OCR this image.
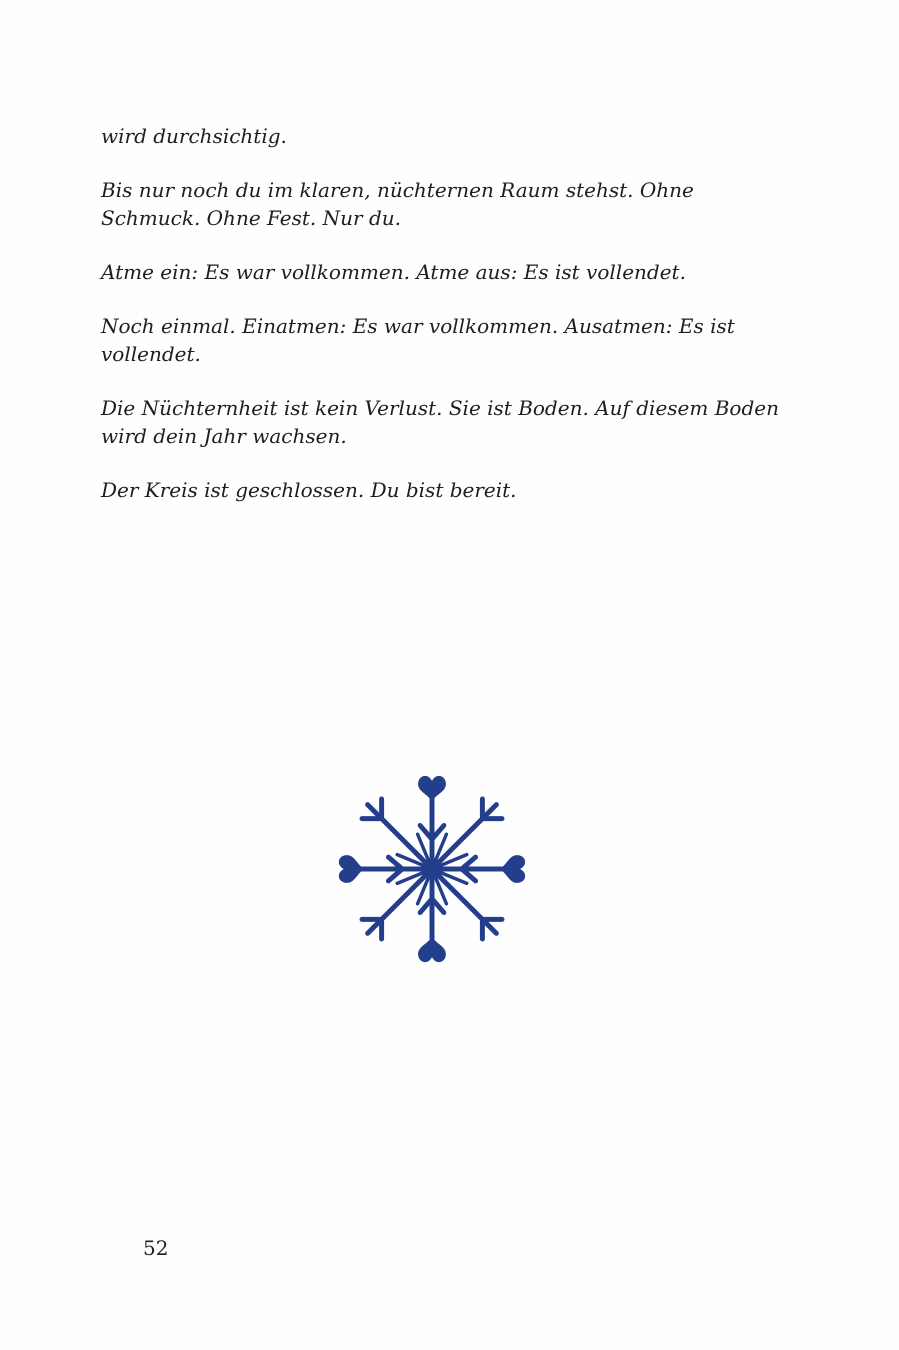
wird durchsichtig.

Bis nur noch du im klaren, nüchternen Raum stehst. Ohne Schmuck. Ohne Fest. Nur du.

Atme ein: Es war vollkommen. Atme aus: Es ist vollendet.

Noch einmal. Einatmen: Es war vollkommen. Ausatmen: Es ist vollendet.

Die Nüchternheit ist kein Verlust. Sie ist Boden. Auf diesem Boden wird dein Jahr wachsen.

Der Kreis ist geschlossen. Du bist bereit.

52
